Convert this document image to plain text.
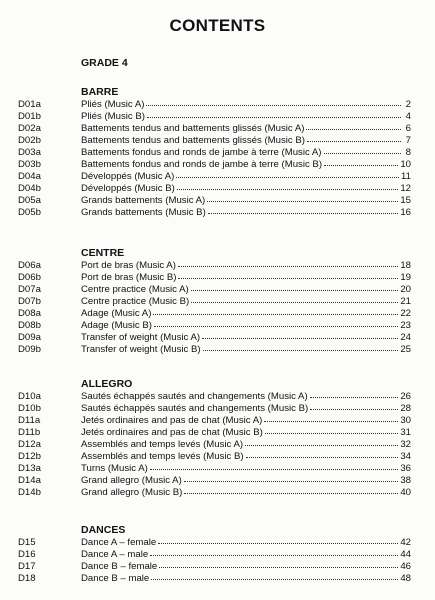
CONTENTS
GRADE 4
BARRE
D01a	Pliés (Music A)	2
D01b	Pliés (Music B)	4
D02a	Battements tendus and battements glissés (Music A)	6
D02b	Battements tendus and battements glissés (Music B)	7
D03a	Battements fondus and ronds de jambe à terre (Music A)	8
D03b	Battements fondus and ronds de jambe à terre (Music B)	10
D04a	Développés (Music A)	11
D04b	Développés (Music B)	12
D05a	Grands battements (Music A)	15
D05b	Grands battements (Music B)	16
CENTRE
D06a	Port de bras (Music A)	18
D06b	Port de bras (Music B)	19
D07a	Centre practice (Music A)	20
D07b	Centre practice (Music B)	21
D08a	Adage (Music A)	22
D08b	Adage (Music B)	23
D09a	Transfer of weight (Music A)	24
D09b	Transfer of weight (Music B)	25
ALLEGRO
D10a	Sautés échappés sautés and changements (Music A)	26
D10b	Sautés échappés sautés and changements (Music B)	28
D11a	Jetés ordinaires and pas de chat (Music A)	30
D11b	Jetés ordinaires and pas de chat (Music B)	31
D12a	Assemblés and temps levés (Music A)	32
D12b	Assemblés and temps levés (Music B)	34
D13a	Turns (Music A)	36
D14a	Grand allegro (Music A)	38
D14b	Grand allegro (Music B)	40
DANCES
D15	Dance A – female	42
D16	Dance A – male	44
D17	Dance B – female	46
D18	Dance B – male	48
